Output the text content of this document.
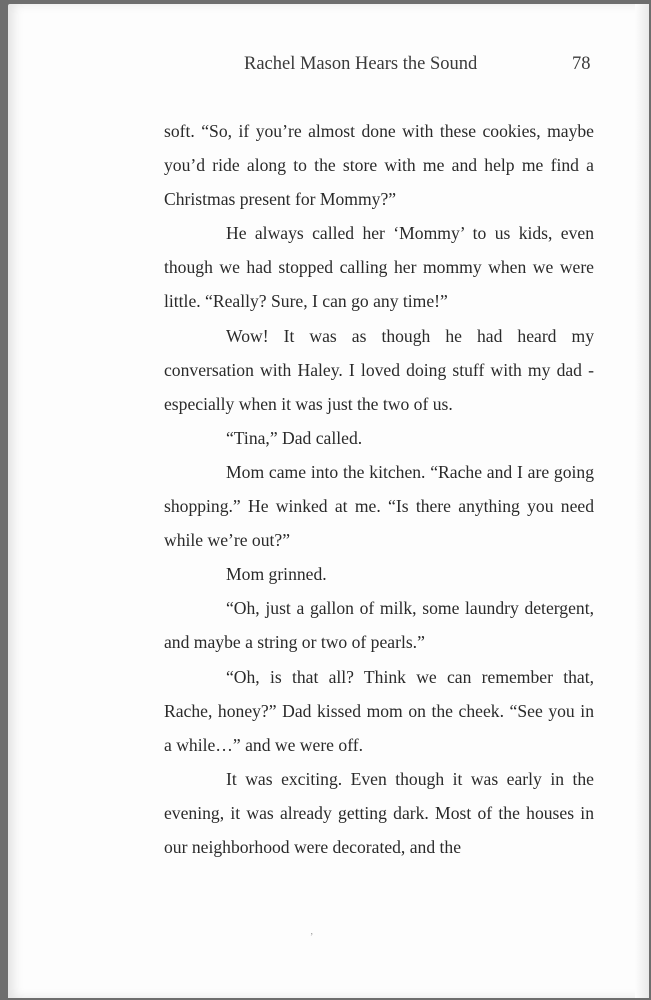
Rachel Mason Hears the Sound	78

soft. “So, if you’re almost done with these cookies, maybe you’d ride along to the store with me and help me find a Christmas present for Mommy?”

He always called her ‘Mommy’ to us kids, even though we had stopped calling her mommy when we were little. “Really? Sure, I can go any time!”

Wow! It was as though he had heard my conversation with Haley. I loved doing stuff with my dad - especially when it was just the two of us.

“Tina,” Dad called.

Mom came into the kitchen. “Rache and I are going shopping.” He winked at me. “Is there anything you need while we’re out?”

Mom grinned.

“Oh, just a gallon of milk, some laundry detergent, and maybe a string or two of pearls.”

“Oh, is that all? Think we can remember that, Rache, honey?” Dad kissed mom on the cheek. “See you in a while…” and we were off.

It was exciting. Even though it was early in the evening, it was already getting dark. Most of the houses in our neighborhood were decorated, and the

’
